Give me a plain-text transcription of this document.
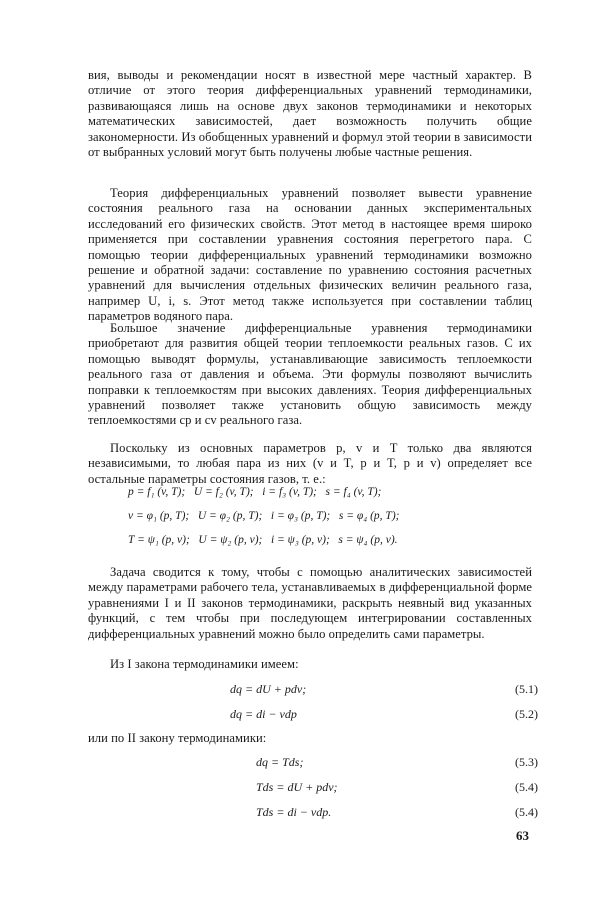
вия, выводы и рекомендации носят в известной мере частный характер. В отличие от этого теория дифференциальных уравнений термодинамики, развивающаяся лишь на основе двух законов термодинамики и некоторых математических зависимостей, дает возможность получить общие закономерности. Из обобщенных уравнений и формул этой теории в зависимости от выбранных условий могут быть получены любые частные решения.

Теория дифференциальных уравнений позволяет вывести уравнение состояния реального газа на основании данных экспериментальных исследований его физических свойств. Этот метод в настоящее время широко применяется при составлении уравнения состояния перегретого пара. С помощью теории дифференциальных уравнений термодинамики возможно решение и обратной задачи: составление по уравнению состояния расчетных уравнений для вычисления отдельных физических величин реального газа, например U, i, s. Этот метод также используется при составлении таблиц параметров водяного пара.

Большое значение дифференциальные уравнения термодинамики приобретают для развития общей теории теплоемкости реальных газов. С их помощью выводят формулы, устанавливающие зависимость теплоемкости реального газа от давления и объема. Эти формулы позволяют вычислить поправки к теплоемкостям при высоких давлениях. Теория дифференциальных уравнений позволяет также установить общую зависимость между теплоемкостями cp и cv реального газа.

Поскольку из основных параметров p, v и T только два являются независимыми, то любая пара из них (v и T, p и T, p и v) определяет все остальные параметры состояния газов, т. е.:

p = f₁ (v, T);   U = f₂ (v, T);   i = f₃ (v, T);   s = f₄ (v, T);
v = φ₁ (p, T);   U = φ₂ (p, T);   i = φ₃ (p, T);   s = φ₄ (p, T);
T = ψ₁ (p, v);   U = ψ₂ (p, v);   i = ψ₃ (p, v);   s = ψ₄ (p, v).

Задача сводится к тому, чтобы с помощью аналитических зависимостей между параметрами рабочего тела, устанавливаемых в дифференциальной форме уравнениями I и II законов термодинамики, раскрыть неявный вид указанных функций, с тем чтобы при последующем интегрировании составленных дифференциальных уравнений можно было определить сами параметры.

Из I закона термодинамики имеем:

dq = dU + pdv;	(5.1)
dq = di − vdp	(5.2)

или по II закону термодинамики:

dq = Tds;	(5.3)
Tds = dU + pdv;	(5.4)
Tds = di − vdp.	(5.4)
63
